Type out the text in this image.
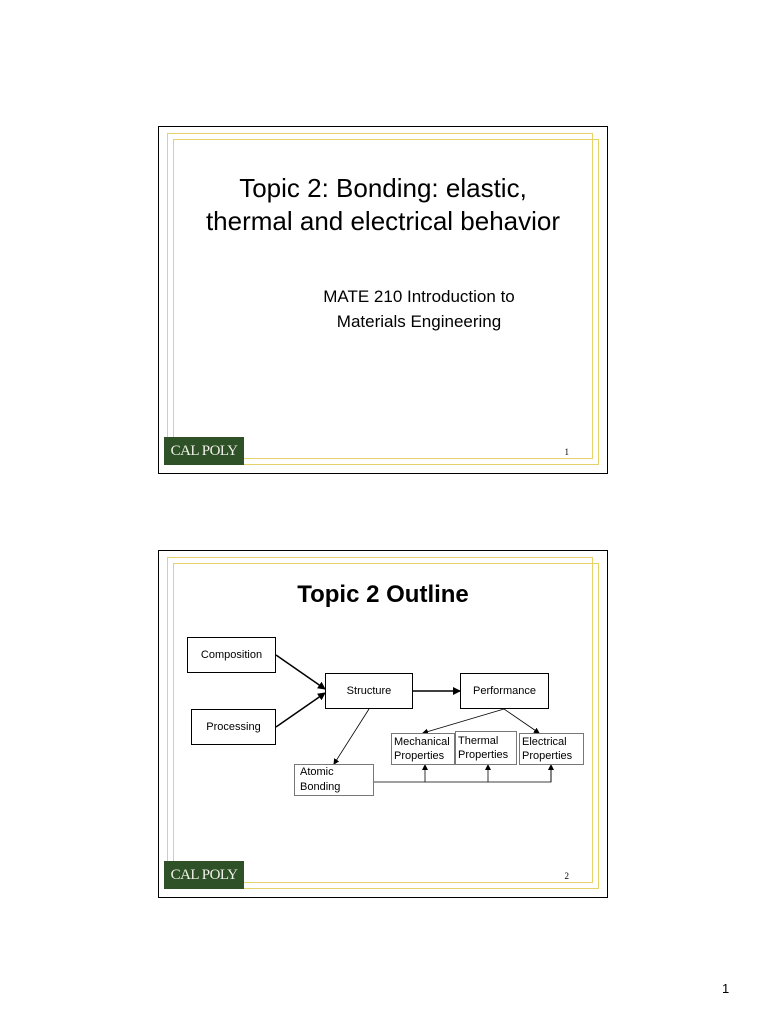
Topic 2: Bonding: elastic,
thermal and electrical behavior
MATE 210 Introduction to
Materials Engineering
CAL POLY	1
Topic 2 Outline
Composition
Processing
Structure	Performance
Mechanical
Properties
Thermal
Properties
Electrical
Properties
Atomic
Bonding
CAL POLY	2
1
